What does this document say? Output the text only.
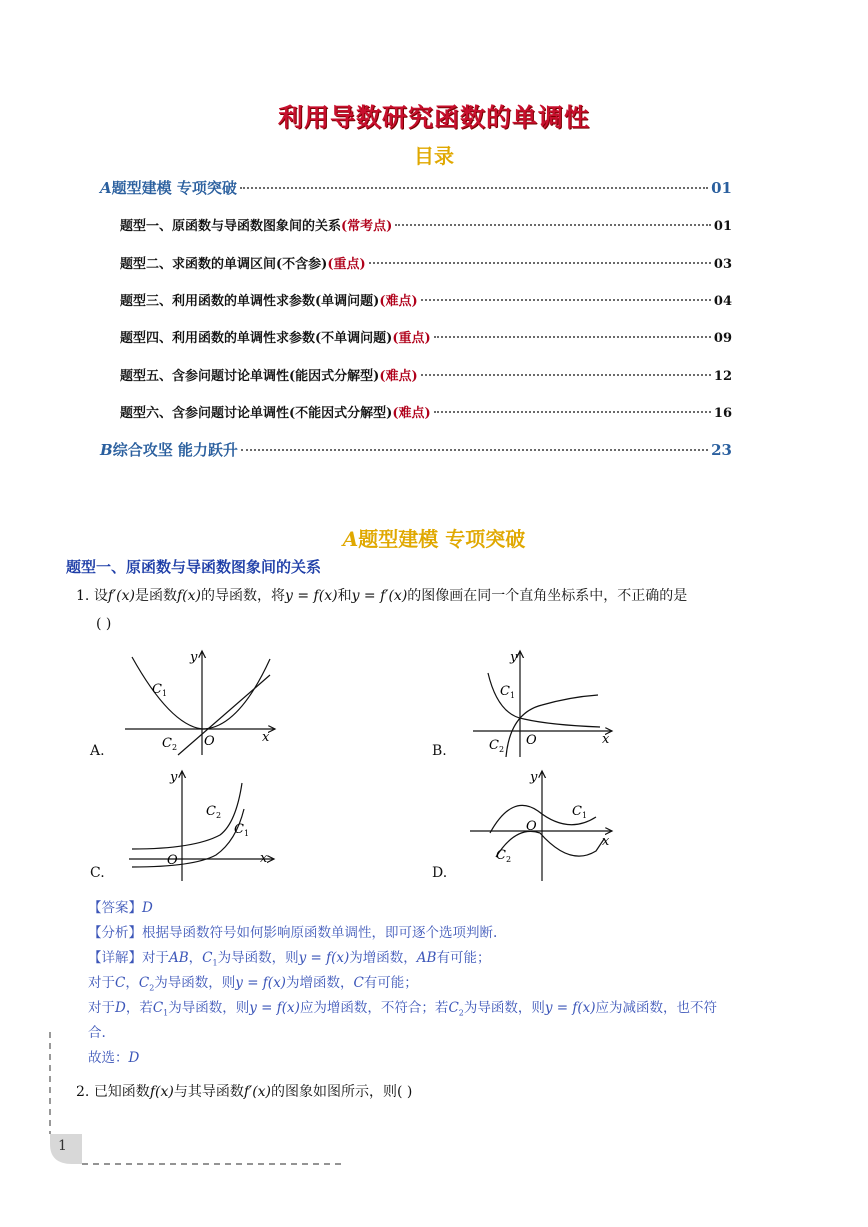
利用导数研究函数的单调性
目录
A题型建模 专项突破	01
题型一、原函数与导函数图象间的关系(常考点)	01
题型二、求函数的单调区间(不含参)(重点)	03
题型三、利用函数的单调性求参数(单调问题)(难点)	04
题型四、利用函数的单调性求参数(不单调问题)(重点)	09
题型五、含参问题讨论单调性(能因式分解型)(难点)	12
题型六、含参问题讨论单调性(不能因式分解型)(难点)	16
B综合攻坚 能力跃升	23
A题型建模 专项突破
题型一、原函数与导函数图象间的关系
1. 设f′(x)是函数f(x)的导函数，将y = f(x)和y = f′(x)的图像画在同一个直角坐标系中，不正确的是
( )
A.	B.
C.	D.
y
x
O
$C_1$
$C_2$
y
x
O
$C_1$
$C_2$
y
x
O
$C_1$
$C_2$
y
x
O
$C_1$
$C_2$
【答案】D
【分析】根据导函数符号如何影响原函数单调性，即可逐个选项判断.
【详解】对于AB，$C_1$为导函数，则y = f(x)为增函数，AB有可能；
对于C，$C_2$为导函数，则y = f(x)为增函数，C有可能；
对于D，若$C_1$为导函数，则y = f(x)应为增函数，不符合；若$C_2$为导函数，则y = f(x)应为减函数，也不符
合.
故选：D
2. 已知函数f(x)与其导函数f′(x)的图象如图所示，则( )
1
